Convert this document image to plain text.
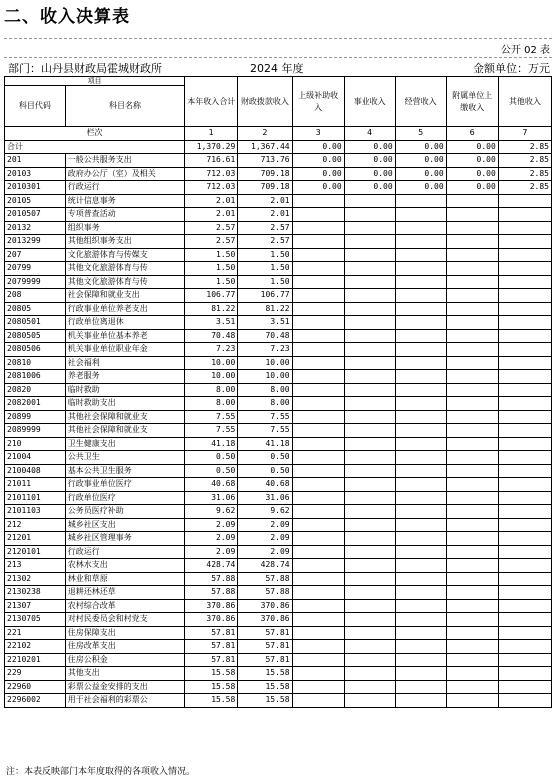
二、收入决算表
公开 02 表
部门：山丹县财政局霍城财政所	2024 年度	金额单位：万元
项目		本年收入合计	财政拨款收入	上级补助收入	事业收入	经营收入	附属单位上缴收入	其他收入
科目代码	科目名称							
栏次		1	2	3	4	5	6	7
合计		1,370.29	1,367.44	0.00	0.00	0.00	0.00	2.85
201	一般公共服务支出	716.61	713.76	0.00	0.00	0.00	0.00	2.85
20103	政府办公厅（室）及相关	712.03	709.18	0.00	0.00	0.00	0.00	2.85
2010301	行政运行	712.03	709.18	0.00	0.00	0.00	0.00	2.85
20105	统计信息事务	2.01	2.01					
2010507	专项普查活动	2.01	2.01					
20132	组织事务	2.57	2.57					
2013299	其他组织事务支出	2.57	2.57					
207	文化旅游体育与传媒支	1.50	1.50					
20799	其他文化旅游体育与传	1.50	1.50					
2079999	其他文化旅游体育与传	1.50	1.50					
208	社会保障和就业支出	106.77	106.77					
20805	行政事业单位养老支出	81.22	81.22					
2080501	行政单位离退休	3.51	3.51					
2080505	机关事业单位基本养老	70.48	70.48					
2080506	机关事业单位职业年金	7.23	7.23					
20810	社会福利	10.00	10.00					
2081006	养老服务	10.00	10.00					
20820	临时救助	8.00	8.00					
2082001	临时救助支出	8.00	8.00					
20899	其他社会保障和就业支	7.55	7.55					
2089999	其他社会保障和就业支	7.55	7.55					
210	卫生健康支出	41.18	41.18					
21004	公共卫生	0.50	0.50					
2100408	基本公共卫生服务	0.50	0.50					
21011	行政事业单位医疗	40.68	40.68					
2101101	行政单位医疗	31.06	31.06					
2101103	公务员医疗补助	9.62	9.62					
212	城乡社区支出	2.09	2.09					
21201	城乡社区管理事务	2.09	2.09					
2120101	行政运行	2.09	2.09					
213	农林水支出	428.74	428.74					
21302	林业和草原	57.88	57.88					
2130238	退耕还林还草	57.88	57.88					
21307	农村综合改革	370.86	370.86					
2130705	对村民委员会和村党支	370.86	370.86					
221	住房保障支出	57.81	57.81					
22102	住房改革支出	57.81	57.81					
2210201	住房公积金	57.81	57.81					
229	其他支出	15.58	15.58					
22960	彩票公益金安排的支出	15.58	15.58					
2296002	用于社会福利的彩票公	15.58	15.58					
注：本表反映部门本年度取得的各项收入情况。
